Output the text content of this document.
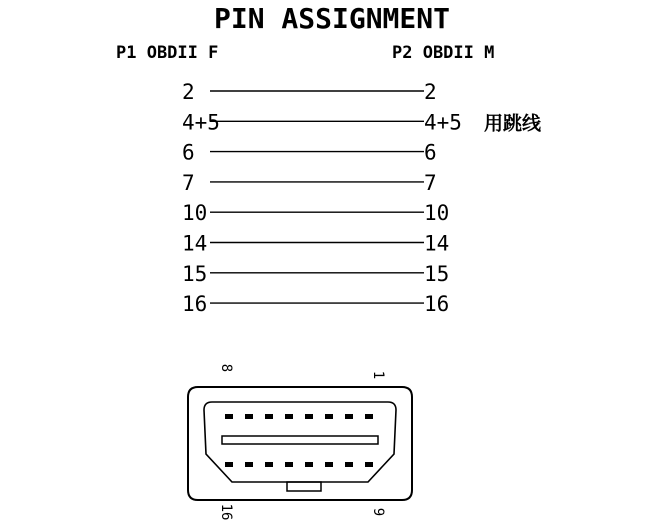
PIN ASSIGNMENT
P1 OBDII F	P2 OBDII M
2	2
4+5	4+5 用跳线
6	6
7	7
10	10
14	14
15	15
16	16
8
1
16	9
